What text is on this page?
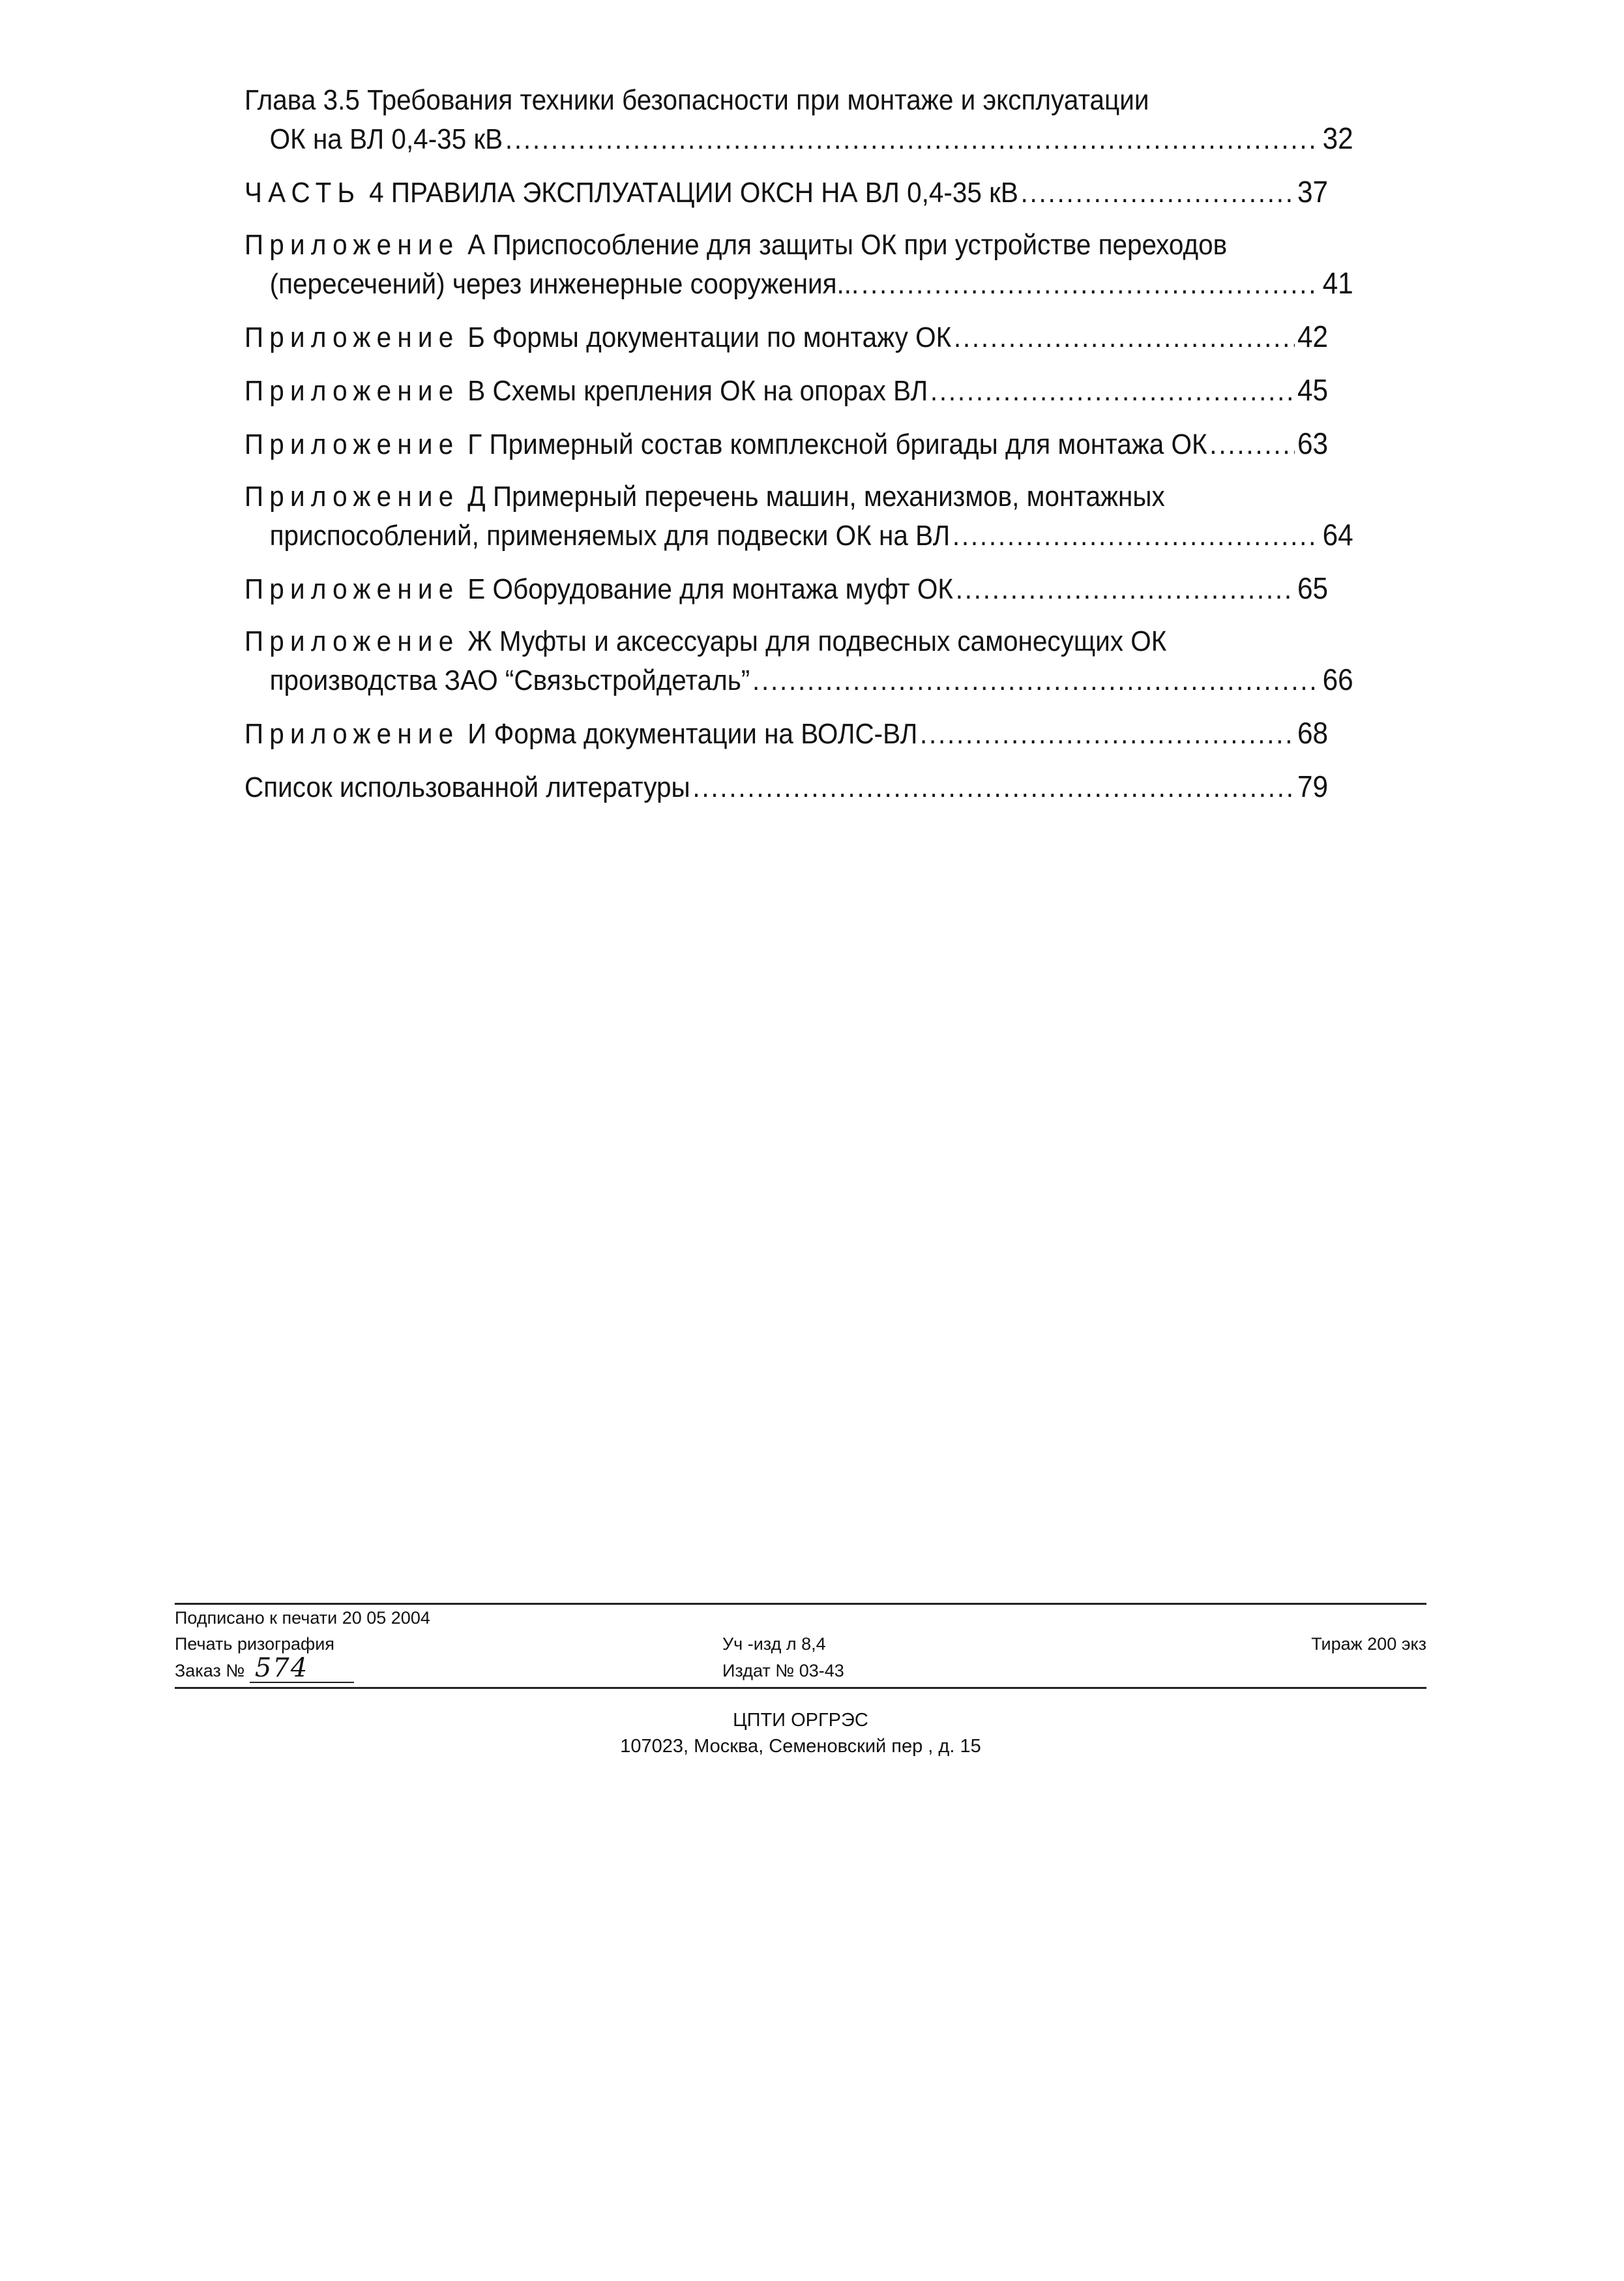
Глава 3.5 Требования техники безопасности при монтаже и эксплуатации
ОК на ВЛ 0,4-35 кВ .....	32
ЧАСТЬ 4 ПРАВИЛА ЭКСПЛУАТАЦИИ ОКСН НА ВЛ 0,4-35 кВ .....	37
Приложение А Приспособление для защиты ОК при устройстве переходов
(пересечений) через инженерные сооружения... .....	41
Приложение Б Формы документации по монтажу ОК .....	42
Приложение В Схемы крепления ОК на опорах ВЛ .....	45
Приложение Г Примерный состав комплексной бригады для монтажа ОК .....	63
Приложение Д Примерный перечень машин, механизмов, монтажных
приспособлений, применяемых для подвески ОК на ВЛ .....	64
Приложение Е Оборудование для монтажа муфт ОК .....	65
Приложение Ж Муфты и аксессуары для подвесных самонесущих ОК
производства ЗАО “Связьстройдеталь” .....	66
Приложение И Форма документации на ВОЛС-ВЛ .....	68
Список использованной литературы .....	79
Подписано к печати 20 05 2004
Печать ризография	Уч -изд л 8,4	Тираж 200 экз
Заказ № 574	Издат № 03-43
ЦПТИ ОРГРЭС
107023, Москва, Семеновский пер , д. 15
